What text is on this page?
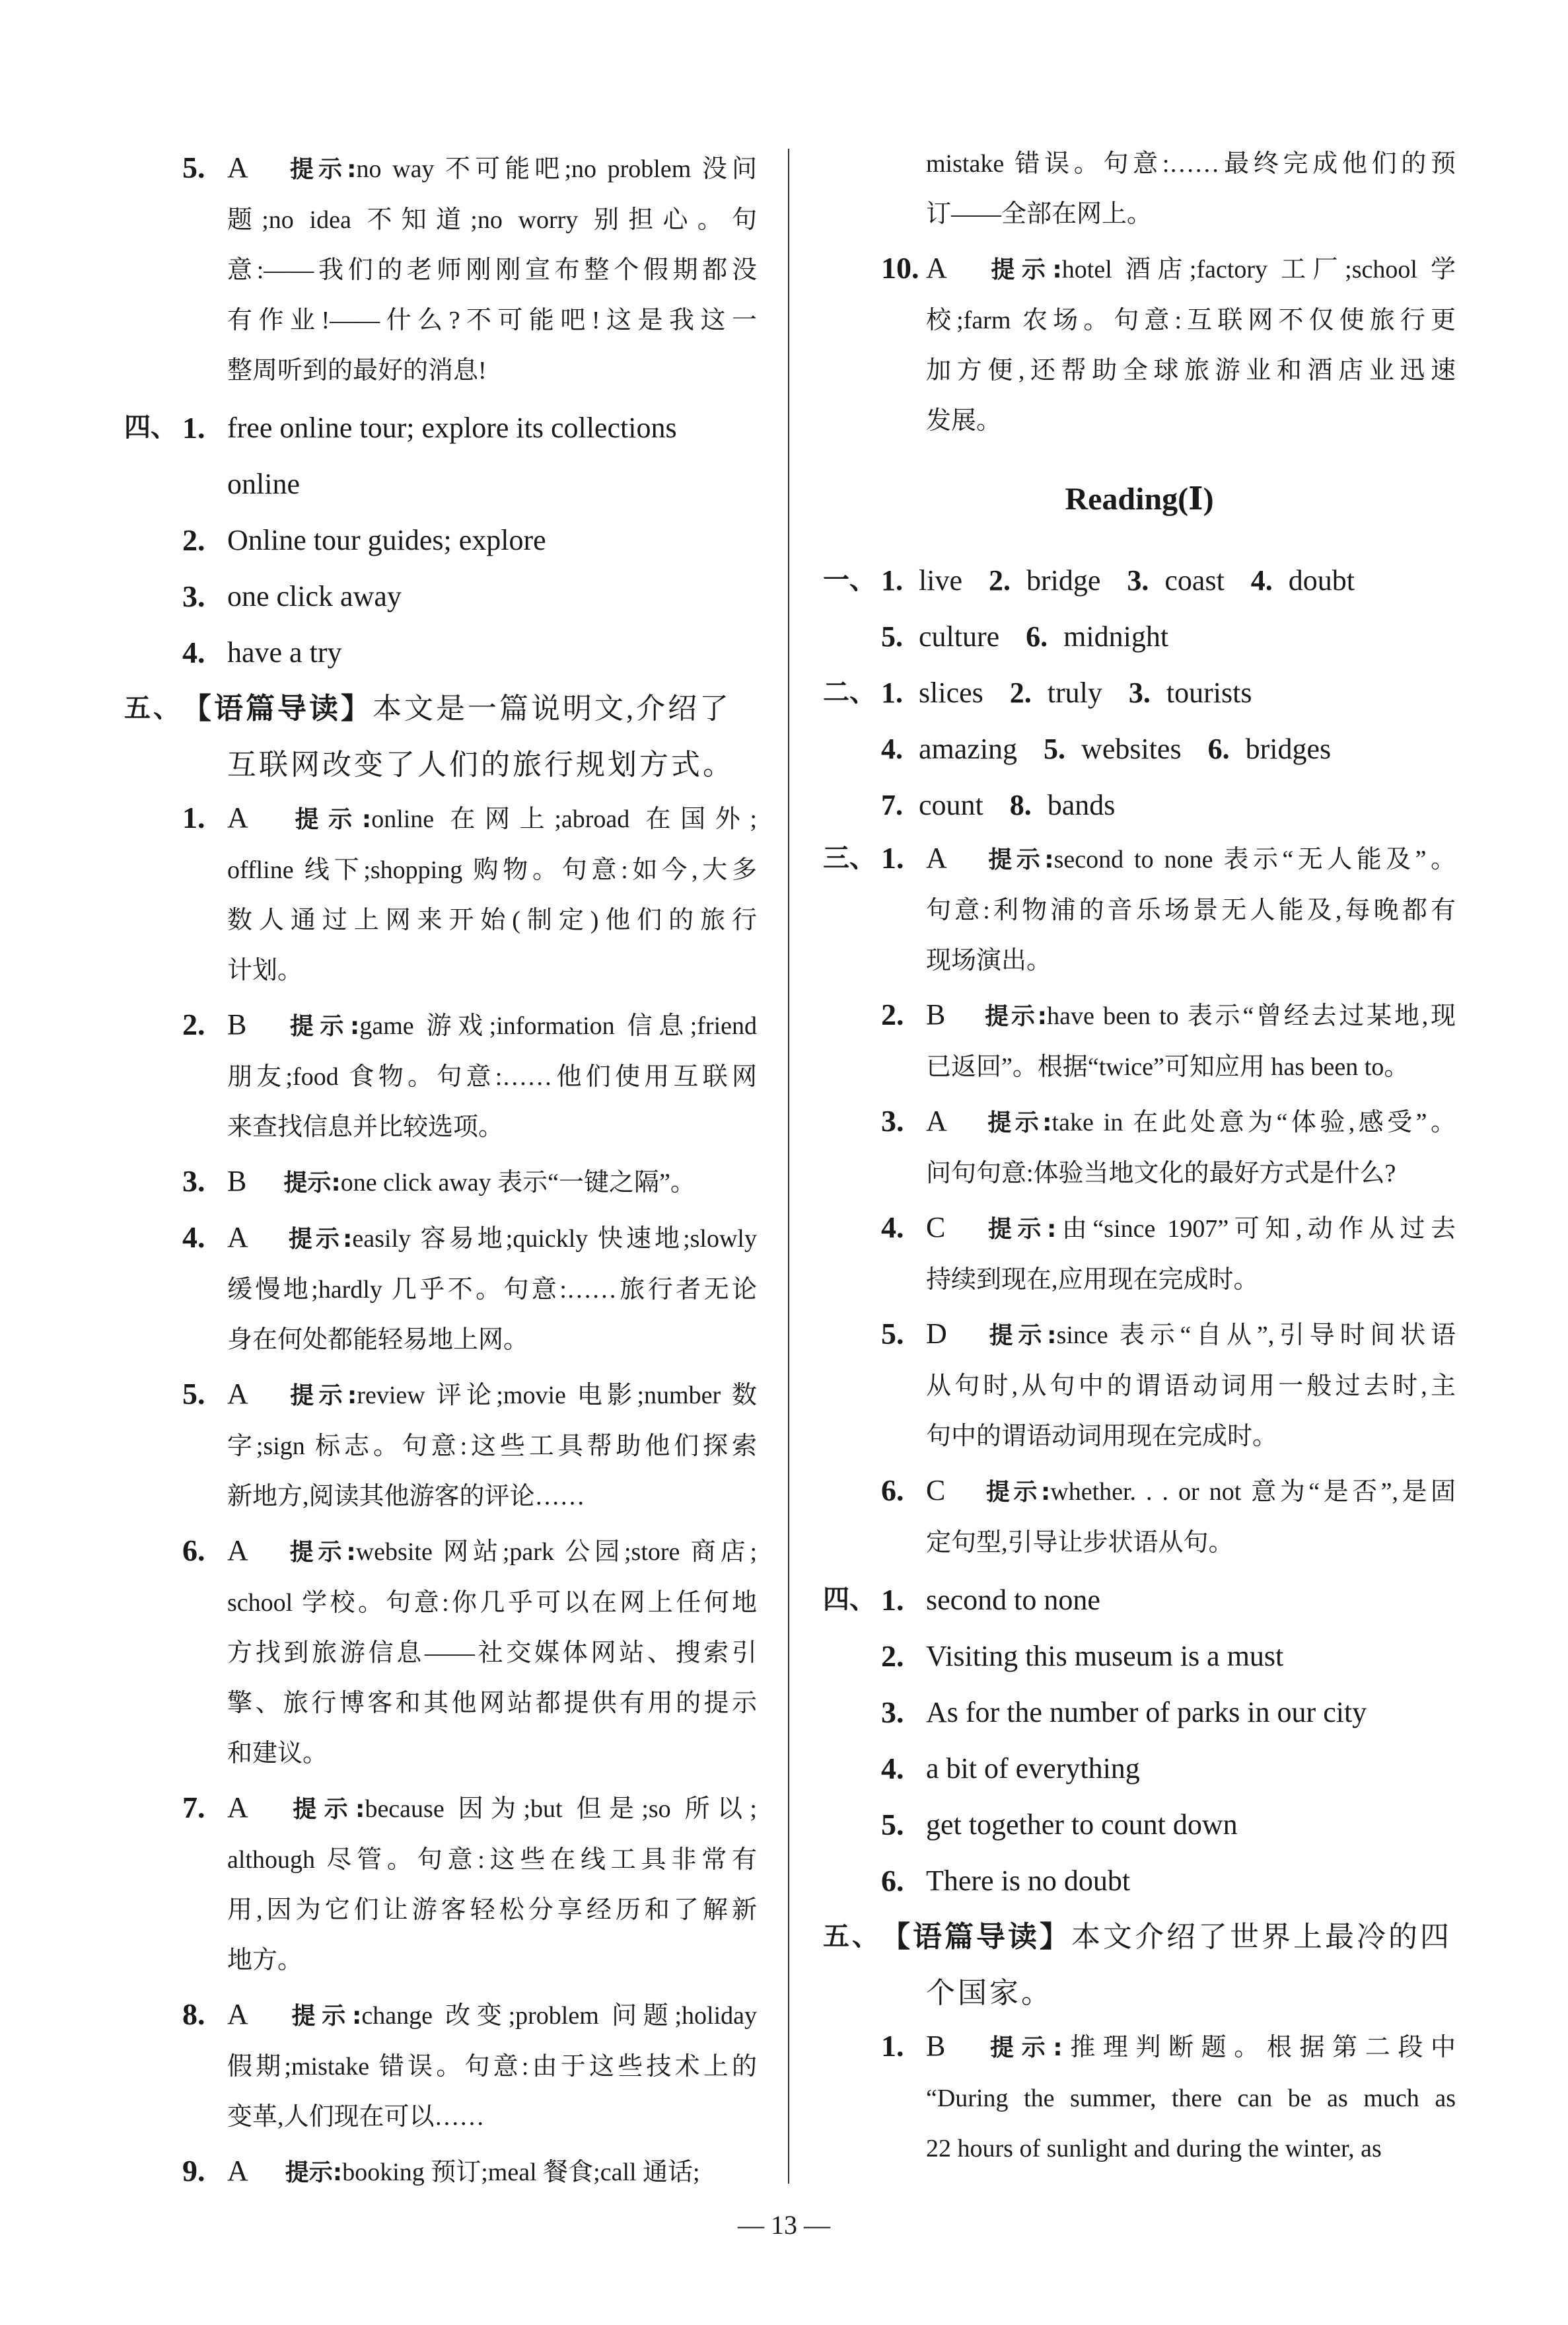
5. A 提示:no way 不可能吧;no problem 没问
题;no idea 不知道;no worry 别担心。句
意:——我们的老师刚刚宣布整个假期都没
有作业!——什么?不可能吧!这是我这一
整周听到的最好的消息!
四、 1. free online tour; explore its collections
online
2. Online tour guides; explore
3. one click away
4. have a try
五、 【语篇导读】本文是一篇说明文,介绍了
互联网改变了人们的旅行规划方式。
1. A 提示:online 在网上;abroad 在国外;
offline 线下;shopping 购物。句意:如今,大多
数人通过上网来开始(制定)他们的旅行
计划。
2. B 提示:game 游戏;information 信息;friend
朋友;food 食物。句意:……他们使用互联网
来查找信息并比较选项。
3. B 提示:one click away 表示“一键之隔”。
4. A 提示:easily 容易地;quickly 快速地;slowly
缓慢地;hardly 几乎不。句意:……旅行者无论
身在何处都能轻易地上网。
5. A 提示:review 评论;movie 电影;number 数
字;sign 标志。句意:这些工具帮助他们探索
新地方,阅读其他游客的评论……
6. A 提示:website 网站;park 公园;store 商店;
school 学校。句意:你几乎可以在网上任何地
方找到旅游信息——社交媒体网站、搜索引
擎、旅行博客和其他网站都提供有用的提示
和建议。
7. A 提示:because 因为;but 但是;so 所以;
although 尽管。句意:这些在线工具非常有
用,因为它们让游客轻松分享经历和了解新
地方。
8. A 提示:change 改变;problem 问题;holiday
假期;mistake 错误。句意:由于这些技术上的
变革,人们现在可以……
9. A 提示:booking 预订;meal 餐食;call 通话;
mistake 错误。句意:……最终完成他们的预
订——全部在网上。
10. A 提示:hotel 酒店;factory 工厂;school 学
校;farm 农场。句意:互联网不仅使旅行更
加方便,还帮助全球旅游业和酒店业迅速
发展。
Reading(Ⅰ)
一、 1. live 2. bridge 3. coast 4. doubt
5. culture 6. midnight
二、 1. slices 2. truly 3. tourists
4. amazing 5. websites 6. bridges
7. count 8. bands
三、 1. A 提示:second to none 表示“无人能及”。
句意:利物浦的音乐场景无人能及,每晚都有
现场演出。
2. B 提示:have been to 表示“曾经去过某地,现
已返回”。根据“twice”可知应用 has been to。
3. A 提示:take in 在此处意为“体验,感受”。
问句句意:体验当地文化的最好方式是什么?
4. C 提示:由“since 1907”可知,动作从过去
持续到现在,应用现在完成时。
5. D 提示:since 表示“自从”,引导时间状语
从句时,从句中的谓语动词用一般过去时,主
句中的谓语动词用现在完成时。
6. C 提示:whether. . . or not 意为“是否”,是固
定句型,引导让步状语从句。
四、 1. second to none
2. Visiting this museum is a must
3. As for the number of parks in our city
4. a bit of everything
5. get together to count down
6. There is no doubt
五、 【语篇导读】本文介绍了世界上最冷的四
个国家。
1. B 提示:推理判断题。根据第二段中
“During the summer, there can be as much as
22 hours of sunlight and during the winter, as
— 13 —
